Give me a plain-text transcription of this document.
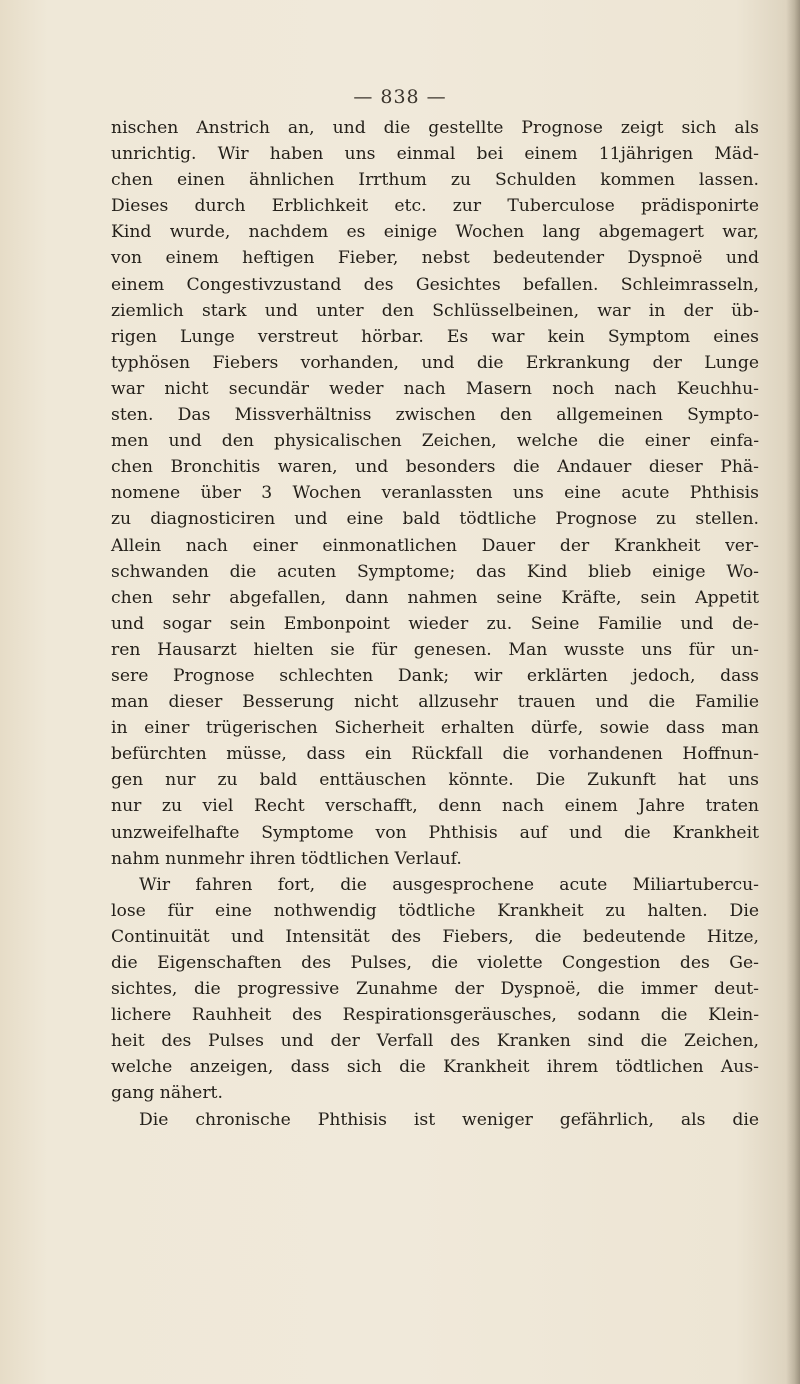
— 838 —
nischen Anstrich an, und die gestellte Prognose zeigt sich als
unrichtig. Wir haben uns einmal bei einem 11jährigen Mäd-
chen einen ähnlichen Irrthum zu Schulden kommen lassen.
Dieses durch Erblichkeit etc. zur Tuberculose prädisponirte
Kind wurde, nachdem es einige Wochen lang abgemagert war,
von einem heftigen Fieber, nebst bedeutender Dyspnoë und
einem Congestivzustand des Gesichtes befallen. Schleimrasseln,
ziemlich stark und unter den Schlüsselbeinen, war in der üb-
rigen Lunge verstreut hörbar. Es war kein Symptom eines
typhösen Fiebers vorhanden, und die Erkrankung der Lunge
war nicht secundär weder nach Masern noch nach Keuchhu-
sten. Das Missverhältniss zwischen den allgemeinen Sympto-
men und den physicalischen Zeichen, welche die einer einfa-
chen Bronchitis waren, und besonders die Andauer dieser Phä-
nomene über 3 Wochen veranlassten uns eine acute Phthisis
zu diagnosticiren und eine bald tödtliche Prognose zu stellen.
Allein nach einer einmonatlichen Dauer der Krankheit ver-
schwanden die acuten Symptome; das Kind blieb einige Wo-
chen sehr abgefallen, dann nahmen seine Kräfte, sein Appetit
und sogar sein Embonpoint wieder zu. Seine Familie und de-
ren Hausarzt hielten sie für genesen. Man wusste uns für un-
sere Prognose schlechten Dank; wir erklärten jedoch, dass
man dieser Besserung nicht allzusehr trauen und die Familie
in einer trügerischen Sicherheit erhalten dürfe, sowie dass man
befürchten müsse, dass ein Rückfall die vorhandenen Hoffnun-
gen nur zu bald enttäuschen könnte. Die Zukunft hat uns
nur zu viel Recht verschafft, denn nach einem Jahre traten
unzweifelhafte Symptome von Phthisis auf und die Krankheit
nahm nunmehr ihren tödtlichen Verlauf.
Wir fahren fort, die ausgesprochene acute Miliartubercu-
lose für eine nothwendig tödtliche Krankheit zu halten. Die
Continuität und Intensität des Fiebers, die bedeutende Hitze,
die Eigenschaften des Pulses, die violette Congestion des Ge-
sichtes, die progressive Zunahme der Dyspnoë, die immer deut-
lichere Rauhheit des Respirationsgeräusches, sodann die Klein-
heit des Pulses und der Verfall des Kranken sind die Zeichen,
welche anzeigen, dass sich die Krankheit ihrem tödtlichen Aus-
gang nähert.
Die chronische Phthisis ist weniger gefährlich, als die
